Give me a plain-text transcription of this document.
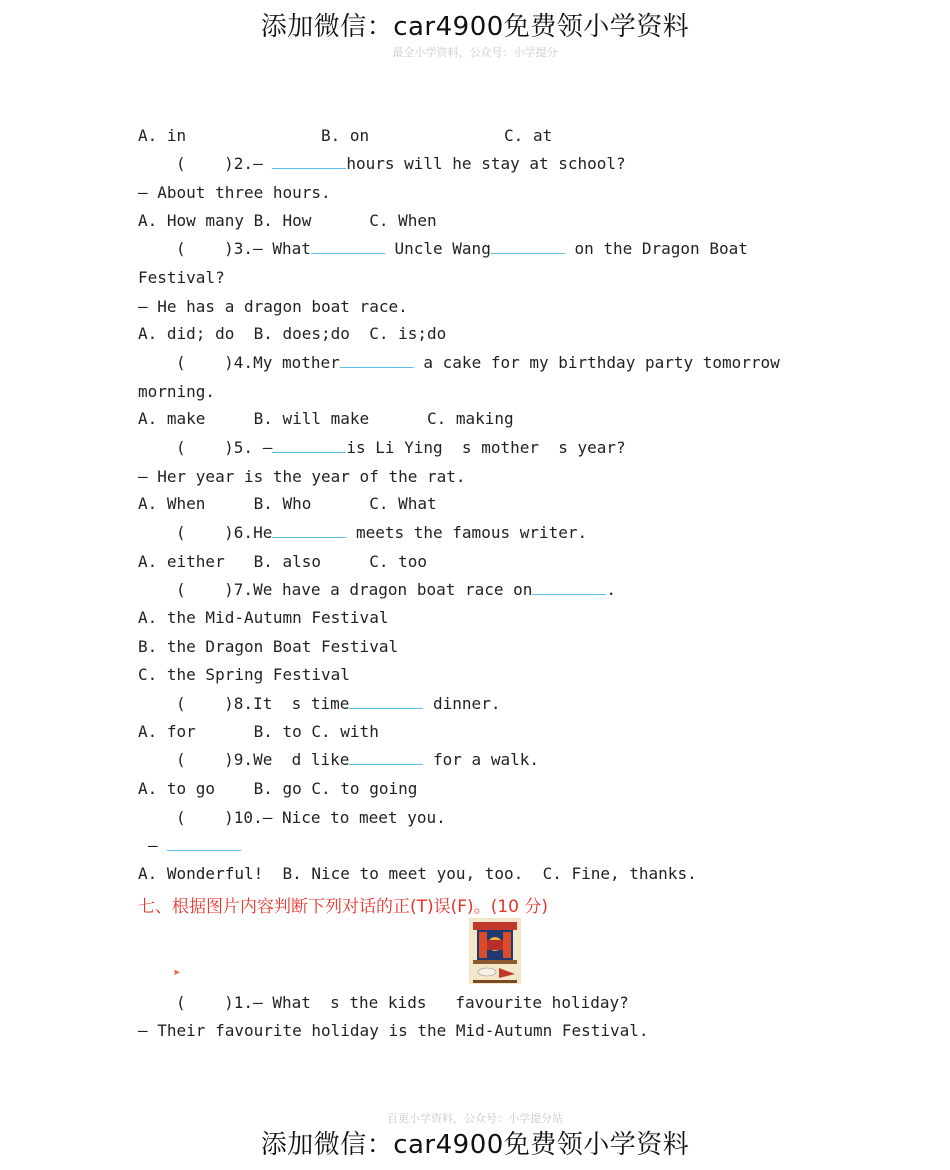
添加微信：car4900免费领小学资料
最全小学资料，公众号：小学提分
A. in              B. on              C. at
(    )2.—	hours will he stay at school?
— About three hours.
A. How many B. How      C. When
(    )3.— What	Uncle Wang	on the Dragon Boat
Festival?
— He has a dragon boat race.
A. did; do  B. does;do  C. is;do
(    )4.My mother	a cake for my birthday party tomorrow
morning.
A. make     B. will make      C. making
(    )5. —	is Li Ying  s mother  s year?
— Her year is the year of the rat.
A. When     B. Who      C. What
(    )6.He	meets the famous writer.
A. either   B. also     C. too
(    )7.We have a dragon boat race on	.
A. the Mid-Autumn Festival
B. the Dragon Boat Festival
C. the Spring Festival
(    )8.It  s time	dinner.
A. for      B. to C. with
(    )9.We  d like	for a walk.
A. to go    B. go C. to going
(    )10.— Nice to meet you.
—
A. Wonderful!  B. Nice to meet you, too.  C. Fine, thanks.
七、根据图片内容判断下列对话的正(T)误(F)。(10 分)
▸
(    )1.— What  s the kids   favourite holiday?
— Their favourite holiday is the Mid-Autumn Festival.
百更小学资料，公众号：小学提分站
添加微信：car4900免费领小学资料
